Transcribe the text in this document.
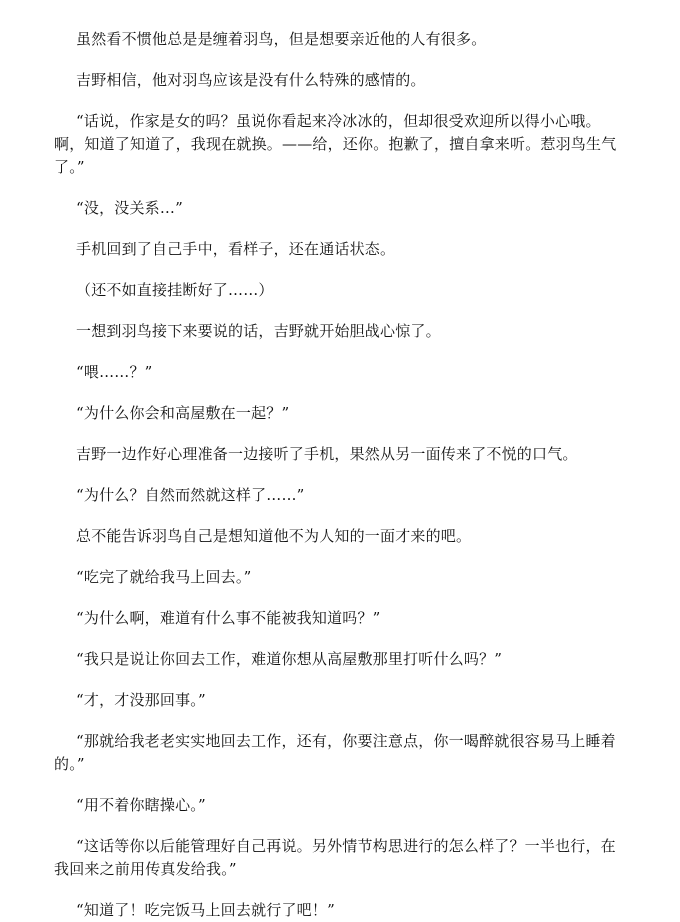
虽然看不惯他总是是缠着羽鸟，但是想要亲近他的人有很多。

吉野相信，他对羽鸟应该是没有什么特殊的感情的。

“话说，作家是女的吗？虽说你看起来冷冰冰的，但却很受欢迎所以得小心哦。啊，知道了知道了，我现在就换。——给，还你。抱歉了，擅自拿来听。惹羽鸟生气了。”

“没，没关系…”

手机回到了自己手中，看样子，还在通话状态。

（还不如直接挂断好了……）

一想到羽鸟接下来要说的话，吉野就开始胆战心惊了。

“喂……？”

“为什么你会和高屋敷在一起？”

吉野一边作好心理准备一边接听了手机，果然从另一面传来了不悦的口气。

“为什么？自然而然就这样了……”

总不能告诉羽鸟自己是想知道他不为人知的一面才来的吧。

“吃完了就给我马上回去。”

“为什么啊，难道有什么事不能被我知道吗？”

“我只是说让你回去工作，难道你想从高屋敷那里打听什么吗？”

“才，才没那回事。”

“那就给我老老实实地回去工作，还有，你要注意点，你一喝醉就很容易马上睡着的。”

“用不着你瞎操心。”

“这话等你以后能管理好自己再说。另外情节构思进行的怎么样了？一半也行，在我回来之前用传真发给我。”

“知道了！吃完饭马上回去就行了吧！”
